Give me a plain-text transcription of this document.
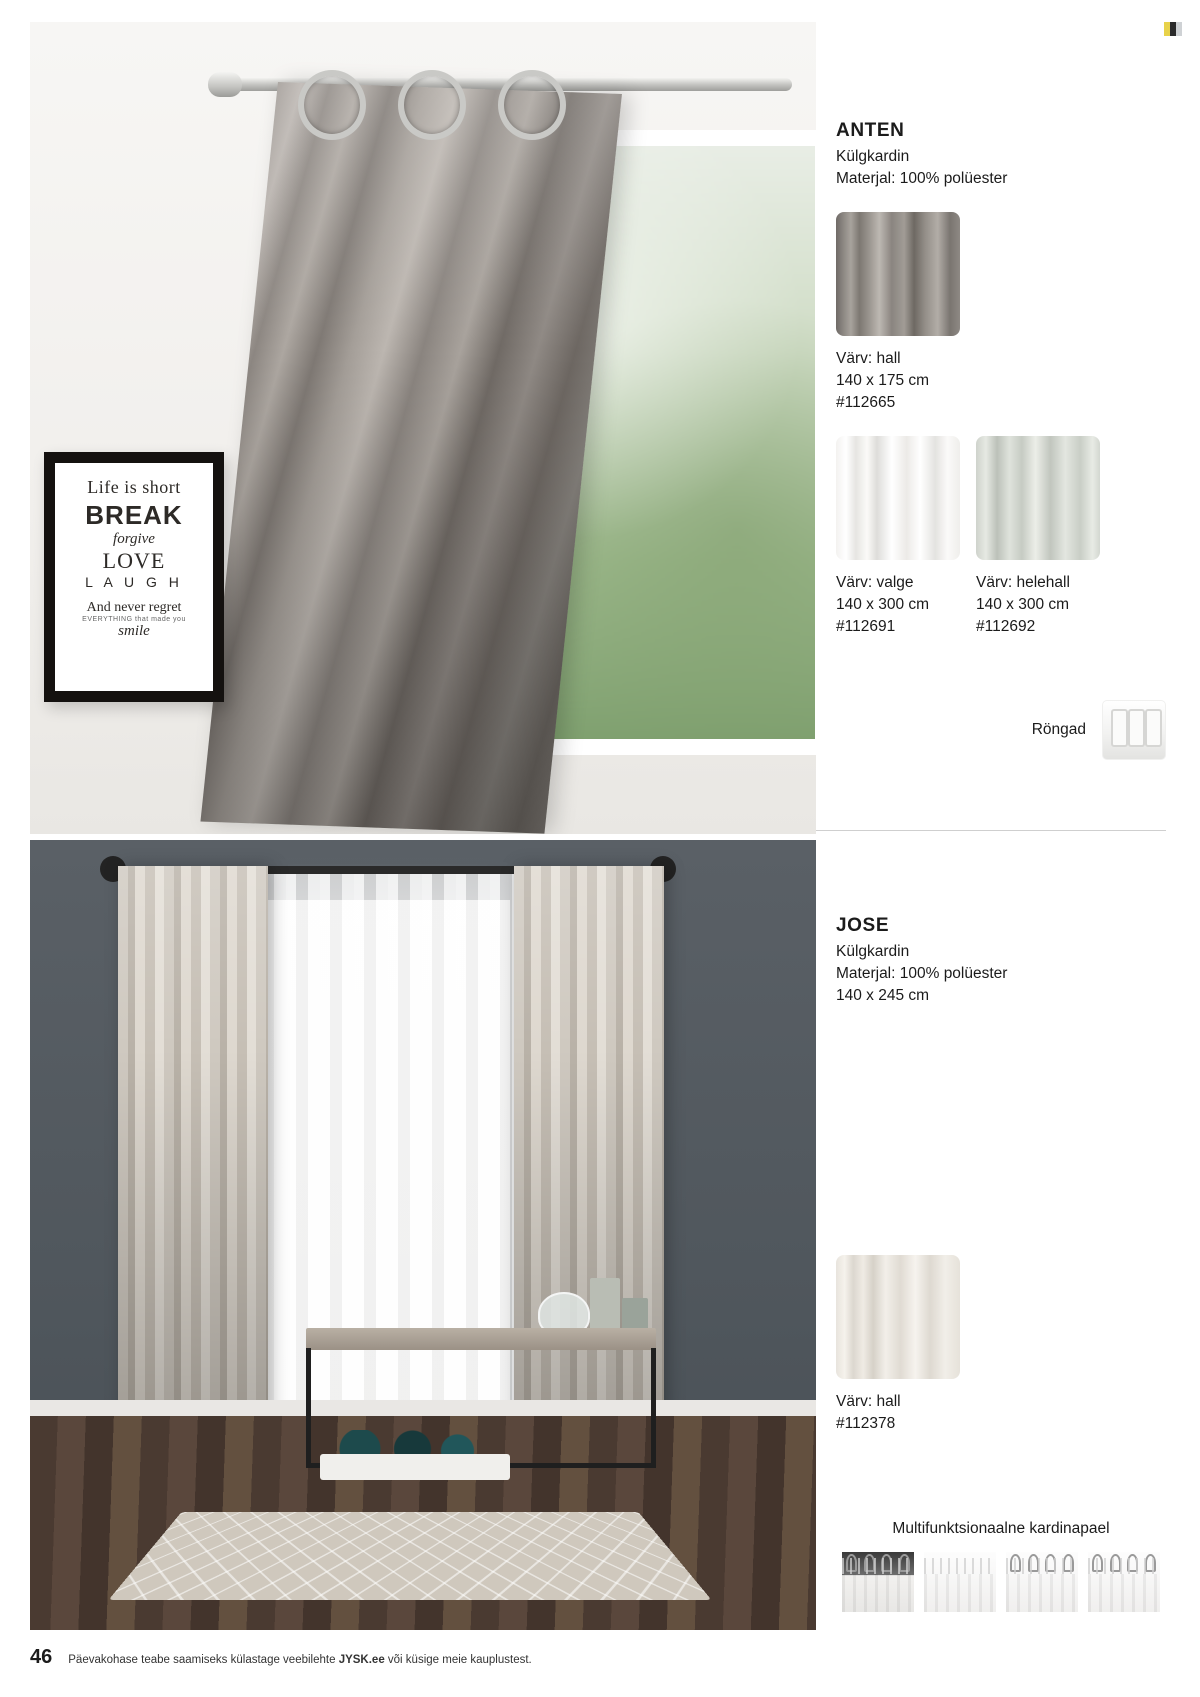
Life is short
BREAK
forgive
LOVE
L A U G H
And never regret
EVERYTHING that made you
smile
ANTEN

Külgkardin

Materjal: 100% polüester

Värv: hall
140 x 175 cm
#112665
Värv: valge
140 x 300 cm
#112691
Värv: helehall
140 x 300 cm
#112692
Röngad
JOSE

Külgkardin

Materjal: 100% polüester

140 x 245 cm

Värv: hall
#112378
Multifunktsionaalne kardinapael
46 Päevakohase teabe saamiseks külastage veebilehte JYSK.ee või küsige meie kauplustest.
